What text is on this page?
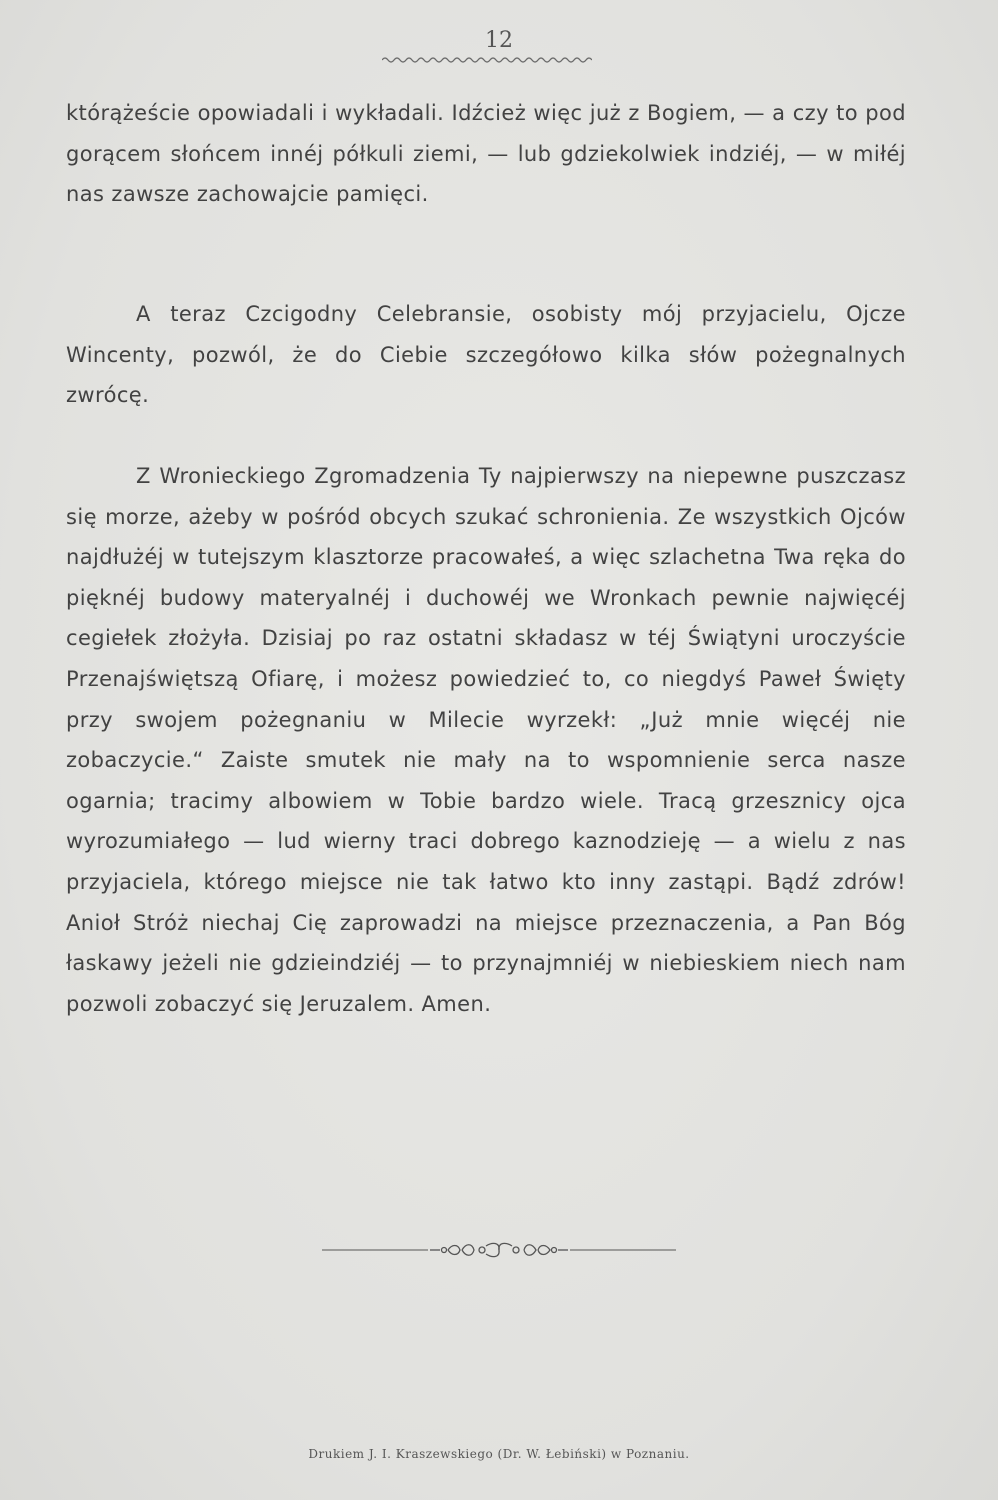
12
którążeście opowiadali i wykładali. Idźcież więc już z Bogiem, — a czy to pod gorącem słońcem innéj półkuli ziemi, — lub gdziekolwiek indziéj, — w miłéj nas zawsze zachowajcie pamięci.
A teraz Czcigodny Celebransie, osobisty mój przyjacielu, Ojcze Wincenty, pozwól, że do Ciebie szczegółowo kilka słów pożegnalnych zwrócę.
Z Wronieckiego Zgromadzenia Ty najpierwszy na niepewne puszczasz się morze, ażeby w pośród obcych szukać schronienia. Ze wszystkich Ojców najdłużéj w tutejszym klasztorze pracowałeś, a więc szlachetna Twa ręka do pięknéj budowy materyalnéj i duchowéj we Wronkach pewnie najwięcéj cegiełek złożyła. Dzisiaj po raz ostatni składasz w téj Świątyni uroczyście Przenajświętszą Ofiarę, i możesz powiedzieć to, co niegdyś Paweł Święty przy swojem pożegnaniu w Milecie wyrzekł: „Już mnie więcéj nie zobaczycie.“ Zaiste smutek nie mały na to wspomnienie serca nasze ogarnia; tracimy albowiem w Tobie bardzo wiele. Tracą grzesznicy ojca wyrozumiałego — lud wierny traci dobrego kaznodzieję — a wielu z nas przyjaciela, którego miejsce nie tak łatwo kto inny zastąpi. Bądź zdrów! Anioł Stróż niechaj Cię zaprowadzi na miejsce przeznaczenia, a Pan Bóg łaskawy jeżeli nie gdzieindziéj — to przynajmniéj w niebieskiem niech nam pozwoli zobaczyć się Jeruzalem. Amen.
Drukiem J. I. Kraszewskiego (Dr. W. Łebiński) w Poznaniu.
